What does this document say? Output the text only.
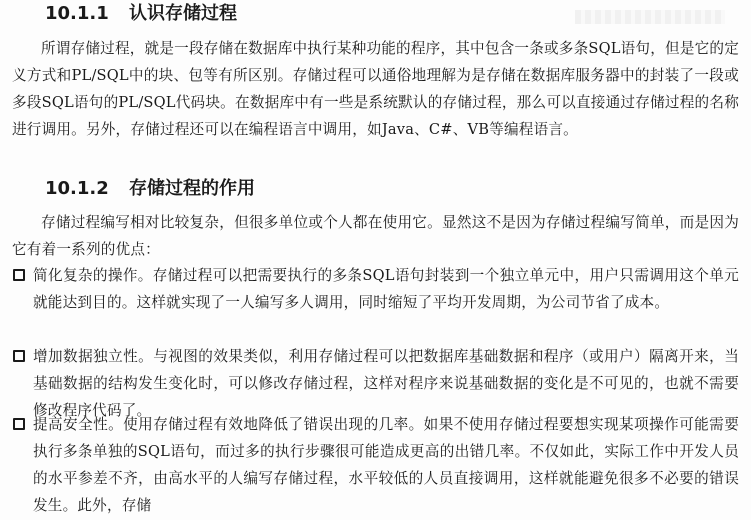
10.1.1 认识存储过程

所谓存储过程，就是一段存储在数据库中执行某种功能的程序，其中包含一条或多条SQL语句，但是它的定义方式和PL/SQL中的块、包等有所区别。存储过程可以通俗地理解为是存储在数据库服务器中的封装了一段或多段SQL语句的PL/SQL代码块。在数据库中有一些是系统默认的存储过程，那么可以直接通过存储过程的名称进行调用。另外，存储过程还可以在编程语言中调用，如Java、C#、VB等编程语言。

10.1.2 存储过程的作用

存储过程编写相对比较复杂，但很多单位或个人都在使用它。显然这不是因为存储过程编写简单，而是因为它有着一系列的优点：

简化复杂的操作。存储过程可以把需要执行的多条SQL语句封装到一个独立单元中，用户只需调用这个单元就能达到目的。这样就实现了一人编写多人调用，同时缩短了平均开发周期，为公司节省了成本。
增加数据独立性。与视图的效果类似，利用存储过程可以把数据库基础数据和程序（或用户）隔离开来，当基础数据的结构发生变化时，可以修改存储过程，这样对程序来说基础数据的变化是不可见的，也就不需要修改程序代码了。
提高安全性。使用存储过程有效地降低了错误出现的几率。如果不使用存储过程要想实现某项操作可能需要执行多条单独的SQL语句，而过多的执行步骤很可能造成更高的出错几率。不仅如此，实际工作中开发人员的水平参差不齐，由高水平的人编写存储过程，水平较低的人员直接调用，这样就能避免很多不必要的错误发生。此外，存储
